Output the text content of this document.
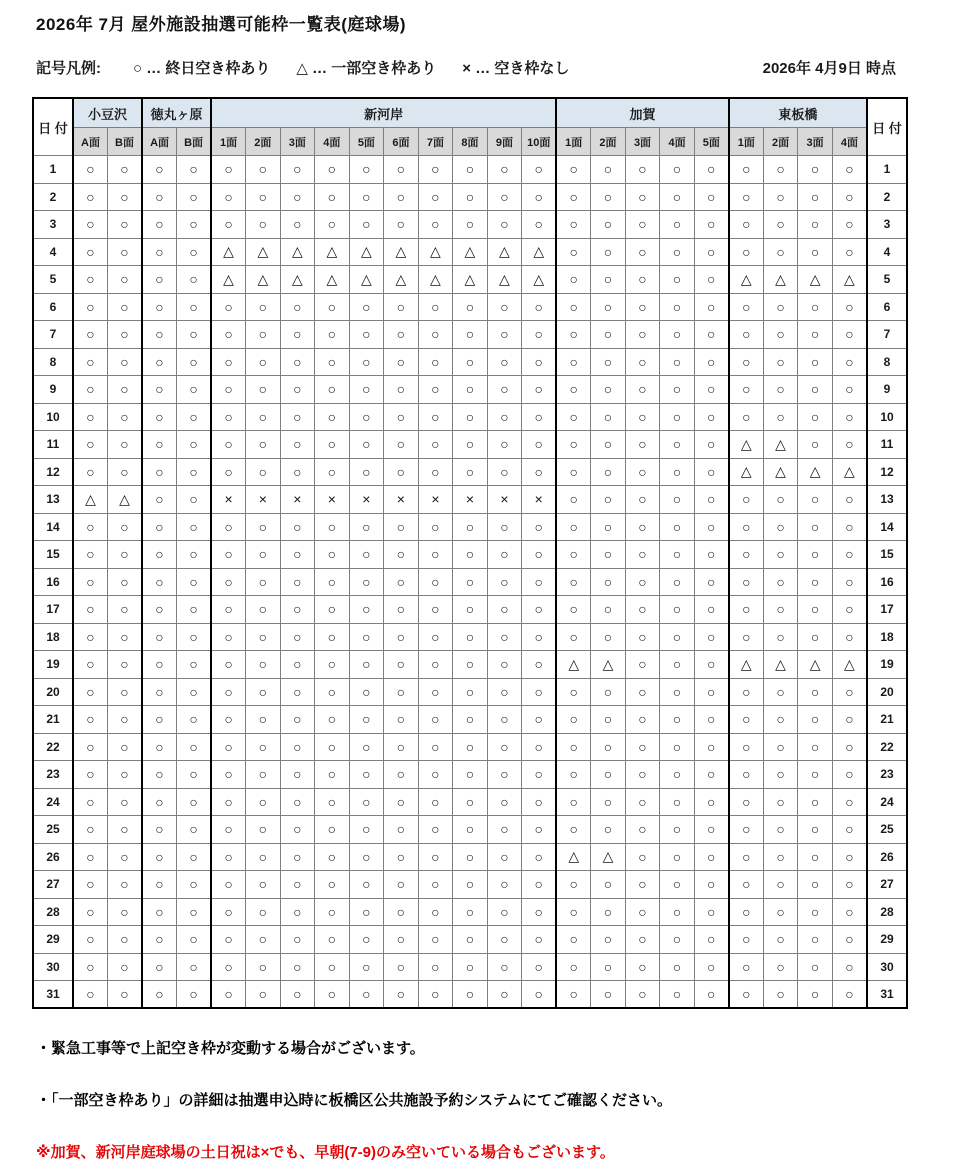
2026年 7月 屋外施設抽選可能枠一覧表(庭球場)
記号凡例: ○ … 終日空き枠あり △ … 一部空き枠あり × … 空き枠なし	2026年 4月9日 時点
日 付	小豆沢		徳丸ヶ原		新河岸										加賀					東板橋				日 付
	A面	B面	A面	B面	1面	2面	3面	4面	5面	6面	7面	8面	9面	10面	1面	2面	3面	4面	5面	1面	2面	3面	4面	
1	○	○	○	○	○	○	○	○	○	○	○	○	○	○	○	○	○	○	○	○	○	○	○	1
2	○	○	○	○	○	○	○	○	○	○	○	○	○	○	○	○	○	○	○	○	○	○	○	2
3	○	○	○	○	○	○	○	○	○	○	○	○	○	○	○	○	○	○	○	○	○	○	○	3
4	○	○	○	○	△	△	△	△	△	△	△	△	△	△	○	○	○	○	○	○	○	○	○	4
5	○	○	○	○	△	△	△	△	△	△	△	△	△	△	○	○	○	○	○	△	△	△	△	5
6	○	○	○	○	○	○	○	○	○	○	○	○	○	○	○	○	○	○	○	○	○	○	○	6
7	○	○	○	○	○	○	○	○	○	○	○	○	○	○	○	○	○	○	○	○	○	○	○	7
8	○	○	○	○	○	○	○	○	○	○	○	○	○	○	○	○	○	○	○	○	○	○	○	8
9	○	○	○	○	○	○	○	○	○	○	○	○	○	○	○	○	○	○	○	○	○	○	○	9
10	○	○	○	○	○	○	○	○	○	○	○	○	○	○	○	○	○	○	○	○	○	○	○	10
11	○	○	○	○	○	○	○	○	○	○	○	○	○	○	○	○	○	○	○	△	△	○	○	11
12	○	○	○	○	○	○	○	○	○	○	○	○	○	○	○	○	○	○	○	△	△	△	△	12
13	△	△	○	○	×	×	×	×	×	×	×	×	×	×	○	○	○	○	○	○	○	○	○	13
14	○	○	○	○	○	○	○	○	○	○	○	○	○	○	○	○	○	○	○	○	○	○	○	14
15	○	○	○	○	○	○	○	○	○	○	○	○	○	○	○	○	○	○	○	○	○	○	○	15
16	○	○	○	○	○	○	○	○	○	○	○	○	○	○	○	○	○	○	○	○	○	○	○	16
17	○	○	○	○	○	○	○	○	○	○	○	○	○	○	○	○	○	○	○	○	○	○	○	17
18	○	○	○	○	○	○	○	○	○	○	○	○	○	○	○	○	○	○	○	○	○	○	○	18
19	○	○	○	○	○	○	○	○	○	○	○	○	○	○	△	△	○	○	○	△	△	△	△	19
20	○	○	○	○	○	○	○	○	○	○	○	○	○	○	○	○	○	○	○	○	○	○	○	20
21	○	○	○	○	○	○	○	○	○	○	○	○	○	○	○	○	○	○	○	○	○	○	○	21
22	○	○	○	○	○	○	○	○	○	○	○	○	○	○	○	○	○	○	○	○	○	○	○	22
23	○	○	○	○	○	○	○	○	○	○	○	○	○	○	○	○	○	○	○	○	○	○	○	23
24	○	○	○	○	○	○	○	○	○	○	○	○	○	○	○	○	○	○	○	○	○	○	○	24
25	○	○	○	○	○	○	○	○	○	○	○	○	○	○	○	○	○	○	○	○	○	○	○	25
26	○	○	○	○	○	○	○	○	○	○	○	○	○	○	△	△	○	○	○	○	○	○	○	26
27	○	○	○	○	○	○	○	○	○	○	○	○	○	○	○	○	○	○	○	○	○	○	○	27
28	○	○	○	○	○	○	○	○	○	○	○	○	○	○	○	○	○	○	○	○	○	○	○	28
29	○	○	○	○	○	○	○	○	○	○	○	○	○	○	○	○	○	○	○	○	○	○	○	29
30	○	○	○	○	○	○	○	○	○	○	○	○	○	○	○	○	○	○	○	○	○	○	○	30
31	○	○	○	○	○	○	○	○	○	○	○	○	○	○	○	○	○	○	○	○	○	○	○	31
・緊急工事等で上記空き枠が変動する場合がございます。
・「一部空き枠あり」の詳細は抽選申込時に板橋区公共施設予約システムにてご確認ください。
※加賀、新河岸庭球場の土日祝は×でも、早朝(7-9)のみ空いている場合もございます。
